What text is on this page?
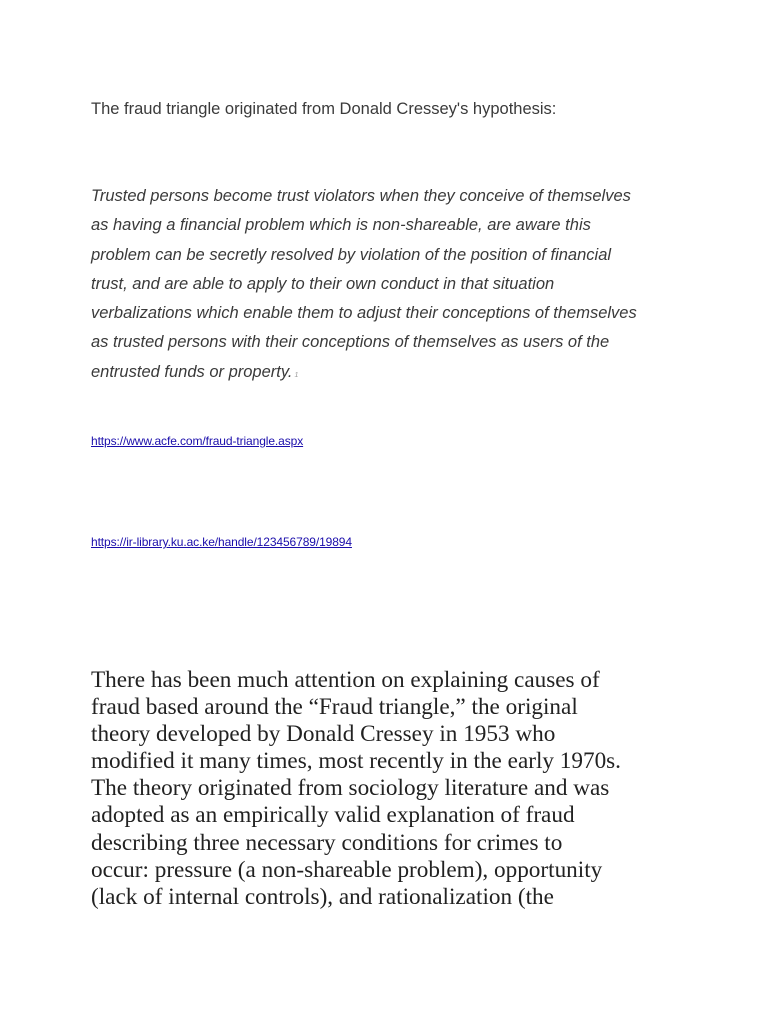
The fraud triangle originated from Donald Cressey's hypothesis:

Trusted persons become trust violators when they conceive of themselves
as having a financial problem which is non-shareable, are aware this
problem can be secretly resolved by violation of the position of financial
trust, and are able to apply to their own conduct in that situation
verbalizations which enable them to adjust their conceptions of themselves
as trusted persons with their conceptions of themselves as users of the
entrusted funds or property. 1

https://www.acfe.com/fraud-triangle.aspx
https://ir-library.ku.ac.ke/handle/123456789/19894

There has been much attention on explaining causes of
fraud based around the “Fraud triangle,” the original
theory developed by Donald Cressey in 1953 who
modified it many times, most recently in the early 1970s.
The theory originated from sociology literature and was
adopted as an empirically valid explanation of fraud
describing three necessary conditions for crimes to
occur: pressure (a non-shareable problem), opportunity
(lack of internal controls), and rationalization (the
